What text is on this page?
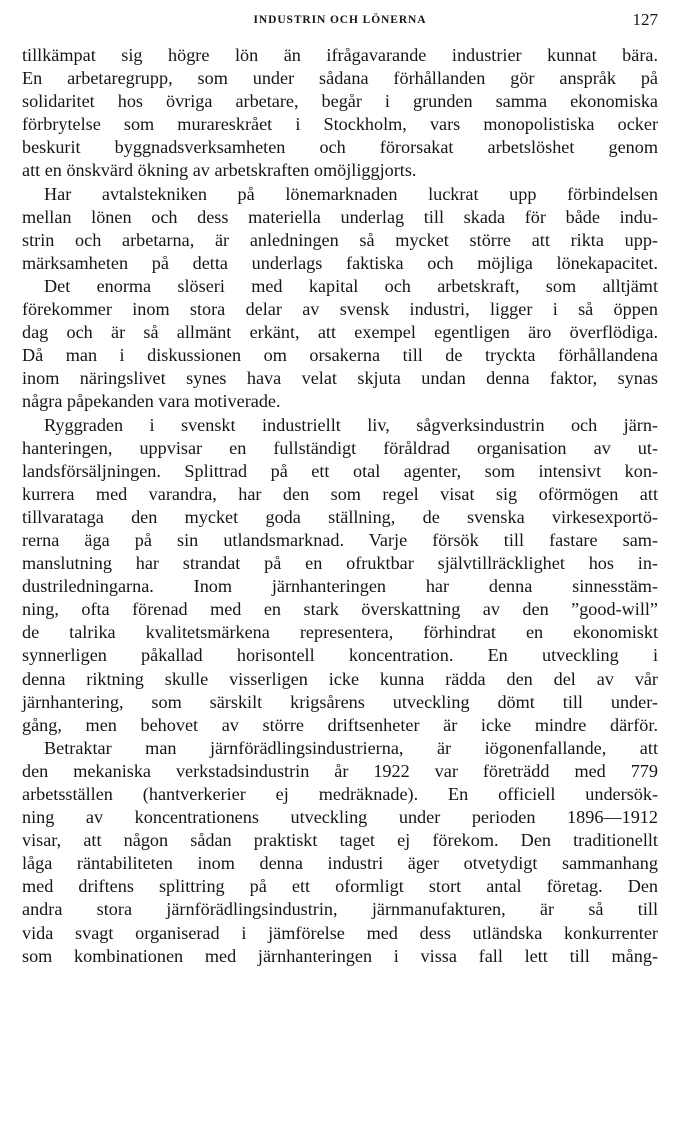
INDUSTRIN OCH LÖNERNA	127

tillkämpat sig högre lön än ifrågavarande industrier kunnat bära.

En arbetaregrupp, som under sådana förhållanden gör anspråk på

solidaritet hos övriga arbetare, begår i grunden samma ekonomiska

förbrytelse som murareskrået i Stockholm, vars monopolistiska ocker

beskurit byggnadsverksamheten och förorsakat arbetslöshet genom

att en önskvärd ökning av arbetskraften omöjliggjorts.

Har avtalstekniken på lönemarknaden luckrat upp förbindelsen

mellan lönen och dess materiella underlag till skada för både indu-

strin och arbetarna, är anledningen så mycket större att rikta upp-

märksamheten på detta underlags faktiska och möjliga lönekapacitet.

Det enorma slöseri med kapital och arbetskraft, som alltjämt

förekommer inom stora delar av svensk industri, ligger i så öppen

dag och är så allmänt erkänt, att exempel egentligen äro överflödiga.

Då man i diskussionen om orsakerna till de tryckta förhållandena

inom näringslivet synes hava velat skjuta undan denna faktor, synas

några påpekanden vara motiverade.

Ryggraden i svenskt industriellt liv, sågverksindustrin och järn-

hanteringen, uppvisar en fullständigt föråldrad organisation av ut-

landsförsäljningen. Splittrad på ett otal agenter, som intensivt kon-

kurrera med varandra, har den som regel visat sig oförmögen att

tillvarataga den mycket goda ställning, de svenska virkesexportö-

rerna äga på sin utlandsmarknad. Varje försök till fastare sam-

manslutning har strandat på en ofruktbar självtillräcklighet hos in-

dustriledningarna. Inom järnhanteringen har denna sinnesstäm-

ning, ofta förenad med en stark överskattning av den ”good-will”

de talrika kvalitetsmärkena representera, förhindrat en ekonomiskt

synnerligen påkallad horisontell koncentration. En utveckling i

denna riktning skulle visserligen icke kunna rädda den del av vår

järnhantering, som särskilt krigsårens utveckling dömt till under-

gång, men behovet av större driftsenheter är icke mindre därför.

Betraktar man järnförädlingsindustrierna, är iögonenfallande, att

den mekaniska verkstadsindustrin år 1922 var företrädd med 779

arbetsställen (hantverkerier ej medräknade). En officiell undersök-

ning av koncentrationens utveckling under perioden 1896—1912

visar, att någon sådan praktiskt taget ej förekom. Den traditionellt

låga räntabiliteten inom denna industri äger otvetydigt sammanhang

med driftens splittring på ett oformligt stort antal företag. Den

andra stora järnförädlingsindustrin, järnmanufakturen, är så till

vida svagt organiserad i jämförelse med dess utländska konkurrenter

som kombinationen med järnhanteringen i vissa fall lett till mång-
